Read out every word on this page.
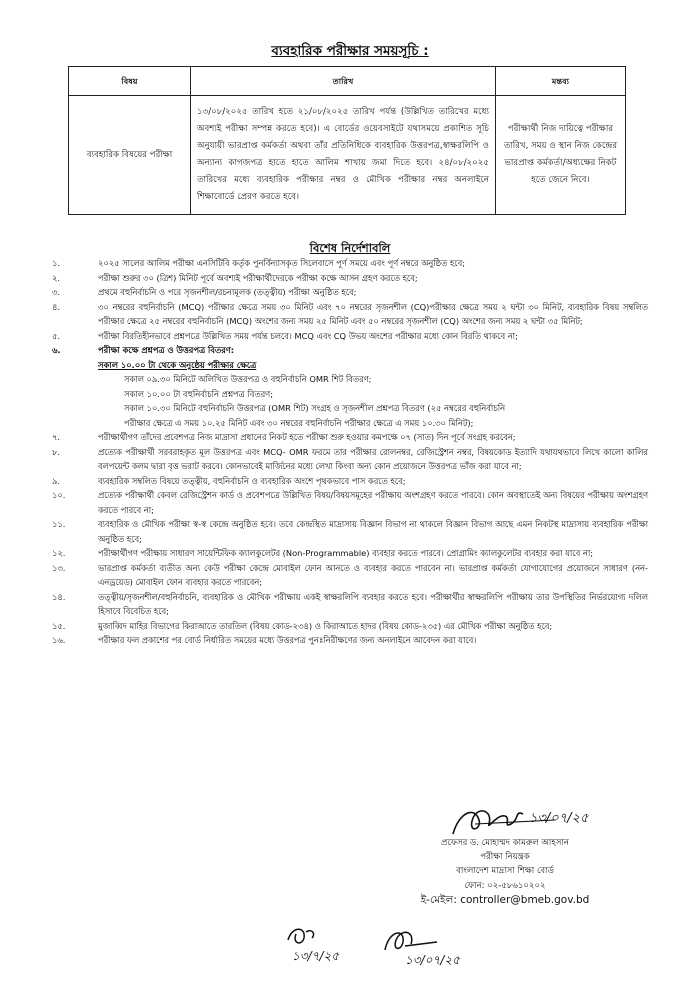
ব্যবহারিক পরীক্ষার সময়সূচি :
বিষয়	তারিখ	মন্তব্য
ব্যবহারিক বিষয়ের পরীক্ষা	১৩/০৮/২০২৫ তারিখ হতে ২১/০৮/২০২৫ তারিখ পর্যন্ত (উল্লিখিত তারিখের মধ্যে অবশ্যই পরীক্ষা সম্পন্ন করতে হবে)। এ বোর্ডের ওয়েবসাইটে যথাসময়ে প্রকাশিত সূচি অনুযায়ী ভারপ্রাপ্ত কর্মকর্তা অথবা তাঁর প্রতিনিধিকে ব্যবহারিক উত্তরপত্র,স্বাক্ষরলিপি ও অন্যান্য কাগজপত্র হাতে হাতে আলিম শাখায় জমা দিতে হবে। ২৪/০৮/২০২৫ তারিখের মধ্যে ব্যবহারিক পরীক্ষার নম্বর ও মৌখিক পরীক্ষার নম্বর অনলাইনে শিক্ষাবোর্ডে প্রেরণ করতে হবে।	পরীক্ষার্থী নিজ দায়িত্বে পরীক্ষার তারিখ, সময় ও স্থান নিজ কেন্দ্রের ভারপ্রাপ্ত কর্মকর্তা/অধ্যক্ষের নিকট হতে জেনে নিবে।
বিশেষ নির্দেশাবলি
১.	২০২৫ সালের আলিম পরীক্ষা এনসিটিবি কর্তৃক পুনর্বিন্যাসকৃত সিলেবাসে পূর্ণ সময়ে এবং পূর্ণ নম্বরে অনুষ্ঠিত হবে;
২.	পরীক্ষা শুরুর ৩০ (ত্রিশ) মিনিট পূর্বে অবশ্যই পরীক্ষার্থীদেরকে পরীক্ষা কক্ষে আসন গ্রহণ করতে হবে;
৩.	প্রথমে বহুনির্বাচনি ও পরে সৃজনশীল/রচনামূলক (তত্ত্বীয়) পরীক্ষা অনুষ্ঠিত হবে;
৪.	৩০ নম্বরের বহুনির্বাচনি (MCQ) পরীক্ষার ক্ষেত্রে সময় ৩০ মিনিট এবং ৭০ নম্বরের সৃজনশীল (CQ)পরীক্ষার ক্ষেত্রে সময় ২ ঘন্টা ৩০ মিনিট, ব্যবহারিক বিষয় সম্বলিত পরীক্ষার ক্ষেত্রে ২৫ নম্বরের বহুনির্বাচনি (MCQ) অংশের জন্য সময় ২৫ মিনিট এবং ৫০ নম্বরের সৃজনশীল (CQ) অংশের জন্য সময় ২ ঘন্টা ৩৫ মিনিট;
৫.	পরীক্ষা বিরতিহীনভাবে প্রশ্নপত্রে উল্লিখিত সময় পর্যন্ত চলবে। MCQ এবং CQ উভয় অংশের পরীক্ষার মধ্যে কোন বিরতি থাকবে না;
৬.	পরীক্ষা কক্ষে প্রশ্নপত্র ও উত্তরপত্র বিতরণ:
সকাল ১০.০০ টা থেকে অনুষ্ঠেয় পরীক্ষার ক্ষেত্রে
সকাল ০৯.৩০ মিনিটে অলিখিত উত্তরপত্র ও বহুনির্বাচনি OMR শিট বিতরণ;
সকাল ১০.০০ টা বহুনির্বাচনি প্রশ্নপত্র বিতরণ;
সকাল ১০.৩০ মিনিটে বহুনির্বাচনি উত্তরপত্র (OMR শিট) সংগ্রহ ও সৃজনশীল প্রশ্নপত্র বিতরণ (২৫ নম্বরের বহুনির্বাচনি
পরীক্ষার ক্ষেত্রে এ সময় ১০.২৫ মিনিট এবং ৩০ নম্বরের বহুনির্বাচনি পরীক্ষার ক্ষেত্রে এ সময় ১০.৩০ মিনিট);
৭.	পরীক্ষার্থীগণ তাঁদের প্রবেশপত্র নিজ মাদ্রাসা প্রধানের নিকট হতে পরীক্ষা শুরু হওয়ার কমপক্ষে ০৭ (সাত) দিন পূর্বে সংগ্রহ করবেন;
৮.	প্রত্যেক পরীক্ষার্থী সরবরাহকৃত মূল উত্তরপত্র এবং MCQ- OMR ফরমে তার পরীক্ষার রোলনম্বর, রেজিস্ট্রেশন নম্বর, বিষয়কোড ইত্যাদি যথাযথভাবে লিখে কালো কালির বলপয়েন্ট কলম দ্বারা বৃত্ত ভরাট করবে। কোনভাবেই মার্জিনের মধ্যে লেখা কিংবা অন্য কোন প্রয়োজনে উত্তরপত্র ভাঁজ করা যাবে না;
৯.	ব্যবহারিক সম্বলিত বিষয়ে তত্ত্বীয়, বহুনির্বাচনি ও ব্যবহারিক অংশে পৃথকভাবে পাস করতে হবে;
১০.	প্রত্যেক পরীক্ষার্থী কেবল রেজিস্ট্রেশন কার্ড ও প্রবেশপত্রে উল্লিখিত বিষয়/বিষয়সমূহের পরীক্ষায় অংশগ্রহণ করতে পারবে। কোন অবস্থাতেই অন্য বিষয়ের পরীক্ষায় অংশগ্রহণ করতে পারবে না;
১১.	ব্যবহারিক ও মৌখিক পরীক্ষা স্ব-স্ব কেন্দ্রে অনুষ্ঠিত হবে। তবে কেন্দ্রস্থিত মাদ্রাসায় বিজ্ঞান বিভাগ না থাকলে বিজ্ঞান বিভাগ আছে এমন নিকটস্থ মাদ্রাসায় ব্যবহারিক পরীক্ষা অনুষ্ঠিত হবে;
১২.	পরীক্ষার্থীগণ পরীক্ষায় সাধারণ সায়েন্টিফিক ক্যালকুলেটর (Non-Programmable) ব্যবহার করতে পারবে। প্রোগ্রামিং ক্যালকুলেটর ব্যবহার করা যাবে না;
১৩.	ভারপ্রাপ্ত কর্মকর্তা ব্যতীত অন্য কেউ পরীক্ষা কেন্দ্রে মোবাইল ফোন আনতে ও ব্যবহার করতে পারবেন না। ভারপ্রাপ্ত কর্মকর্তা যোগাযোগের প্রয়োজনে সাধারণ (নন-এনড্রয়েড) মোবাইল ফোন ব্যবহার করতে পারবেন;
১৪.	তত্ত্বীয়/সৃজনশীল/বহুনির্বাচনি, ব্যবহারিক ও মৌখিক পরীক্ষায় একই স্বাক্ষরলিপি ব্যবহার করতে হবে। পরীক্ষার্থীর স্বাক্ষরলিপি পরীক্ষায় তার উপস্থিতির নির্ভরযোগ্য দলিল হিসাবে বিবেচিত হবে;
১৫.	মুজাব্বিদ মাহির বিভাগের কিরাআতে তারতিল (বিষয় কোড-২৩৪) ও কিরাআতে হাদর (বিষয় কোড-২৩৫) এর মৌখিক পরীক্ষা অনুষ্ঠিত হবে;
১৬.	পরীক্ষার ফল প্রকাশের পর বোর্ড নির্ধারিত সময়ের মধ্যে উত্তরপত্র পুনঃনিরীক্ষণের জন্য অনলাইনে আবেদন করা যাবে।
১৩/০৭/২৫
প্রফেসর ড. মোহাম্মদ কামরুল আহসান
পরীক্ষা নিয়ন্ত্রক
বাংলাদেশ মাদ্রাসা শিক্ষা বোর্ড
ফোন: ০২-৫৮৬১০২০২
ই-মেইল: controller@bmeb.gov.bd
১৩/৭/২৫	১৩/০৭/২৫
